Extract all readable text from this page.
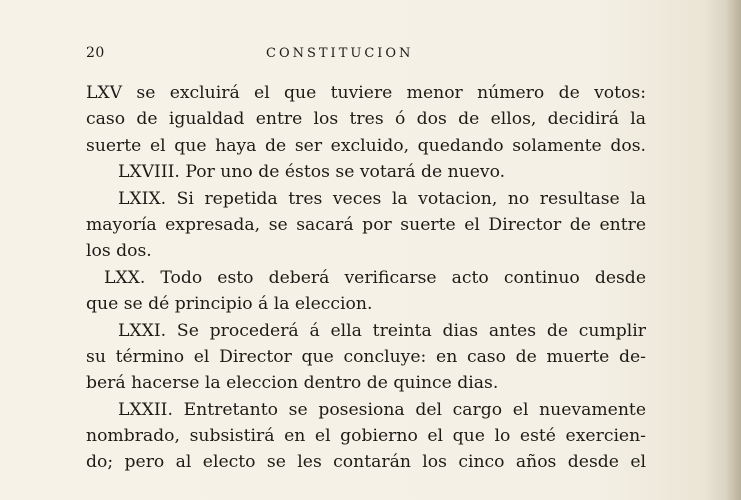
20	CONSTITUCION
LXV se excluirá el que tuviere menor número de votos:
caso de igualdad entre los tres ó dos de ellos, decidirá la
suerte el que haya de ser excluido, quedando solamente dos.
LXVIII. Por uno de éstos se votará de nuevo.
LXIX. Si repetida tres veces la votacion, no resultase la
mayoría expresada, se sacará por suerte el Director de entre
los dos.
LXX. Todo esto deberá verificarse acto continuo desde
que se dé principio á la eleccion.
LXXI. Se procederá á ella treinta dias antes de cumplir
su término el Director que concluye: en caso de muerte de-
berá hacerse la eleccion dentro de quince dias.
LXXII. Entretanto se posesiona del cargo el nuevamente
nombrado, subsistirá en el gobierno el que lo esté exercien-
do; pero al electo se les contarán los cinco años desde el
